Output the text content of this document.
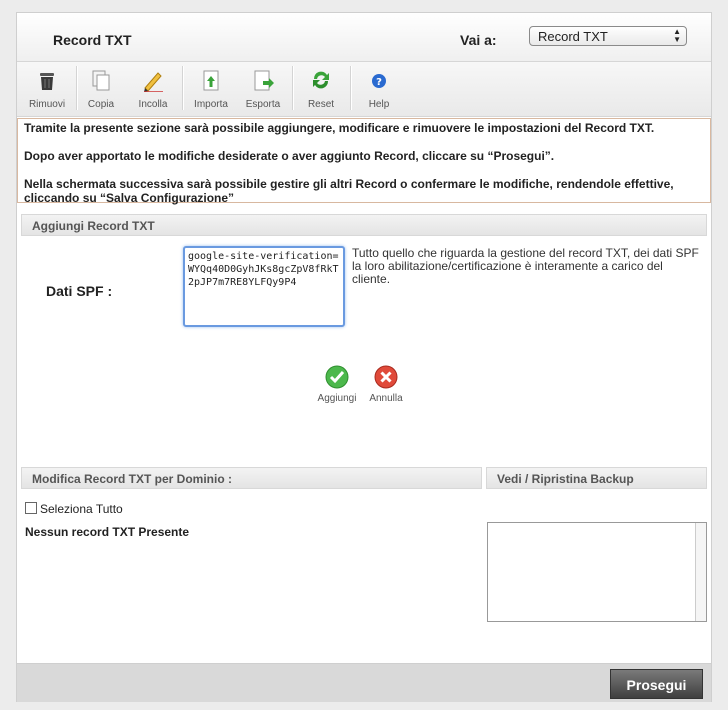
Record TXT	Vai a:	Record TXT	▲
▼
Rimuovi	Copia	Incolla	Importa	Esporta	Reset
?
Help

Tramite la presente sezione sarà possibile aggiungere, modificare e rimuovere le impostazioni del Record TXT.

Dopo aver apportato le modifiche desiderate o aver aggiunto Record, cliccare su “Prosegui”.

Nella schermata successiva sarà possibile gestire gli altri Record o confermare le modifiche, rendendole effettive, cliccando su “Salva Configurazione”

Aggiungi Record TXT
Dati SPF :
google-site-verification=WYQq40D0GyhJKs8gcZpV8fRkT2pJP7m7RE8YLFQy9P4
Tutto quello che riguarda la gestione del record TXT, dei dati SPF la loro abilitazione/certificazione è interamente a carico del cliente.
Aggiungi	Annulla
Modifica Record TXT per Dominio :	Vedi / Ripristina Backup
Seleziona Tutto
Nessun record TXT Presente
Prosegui
